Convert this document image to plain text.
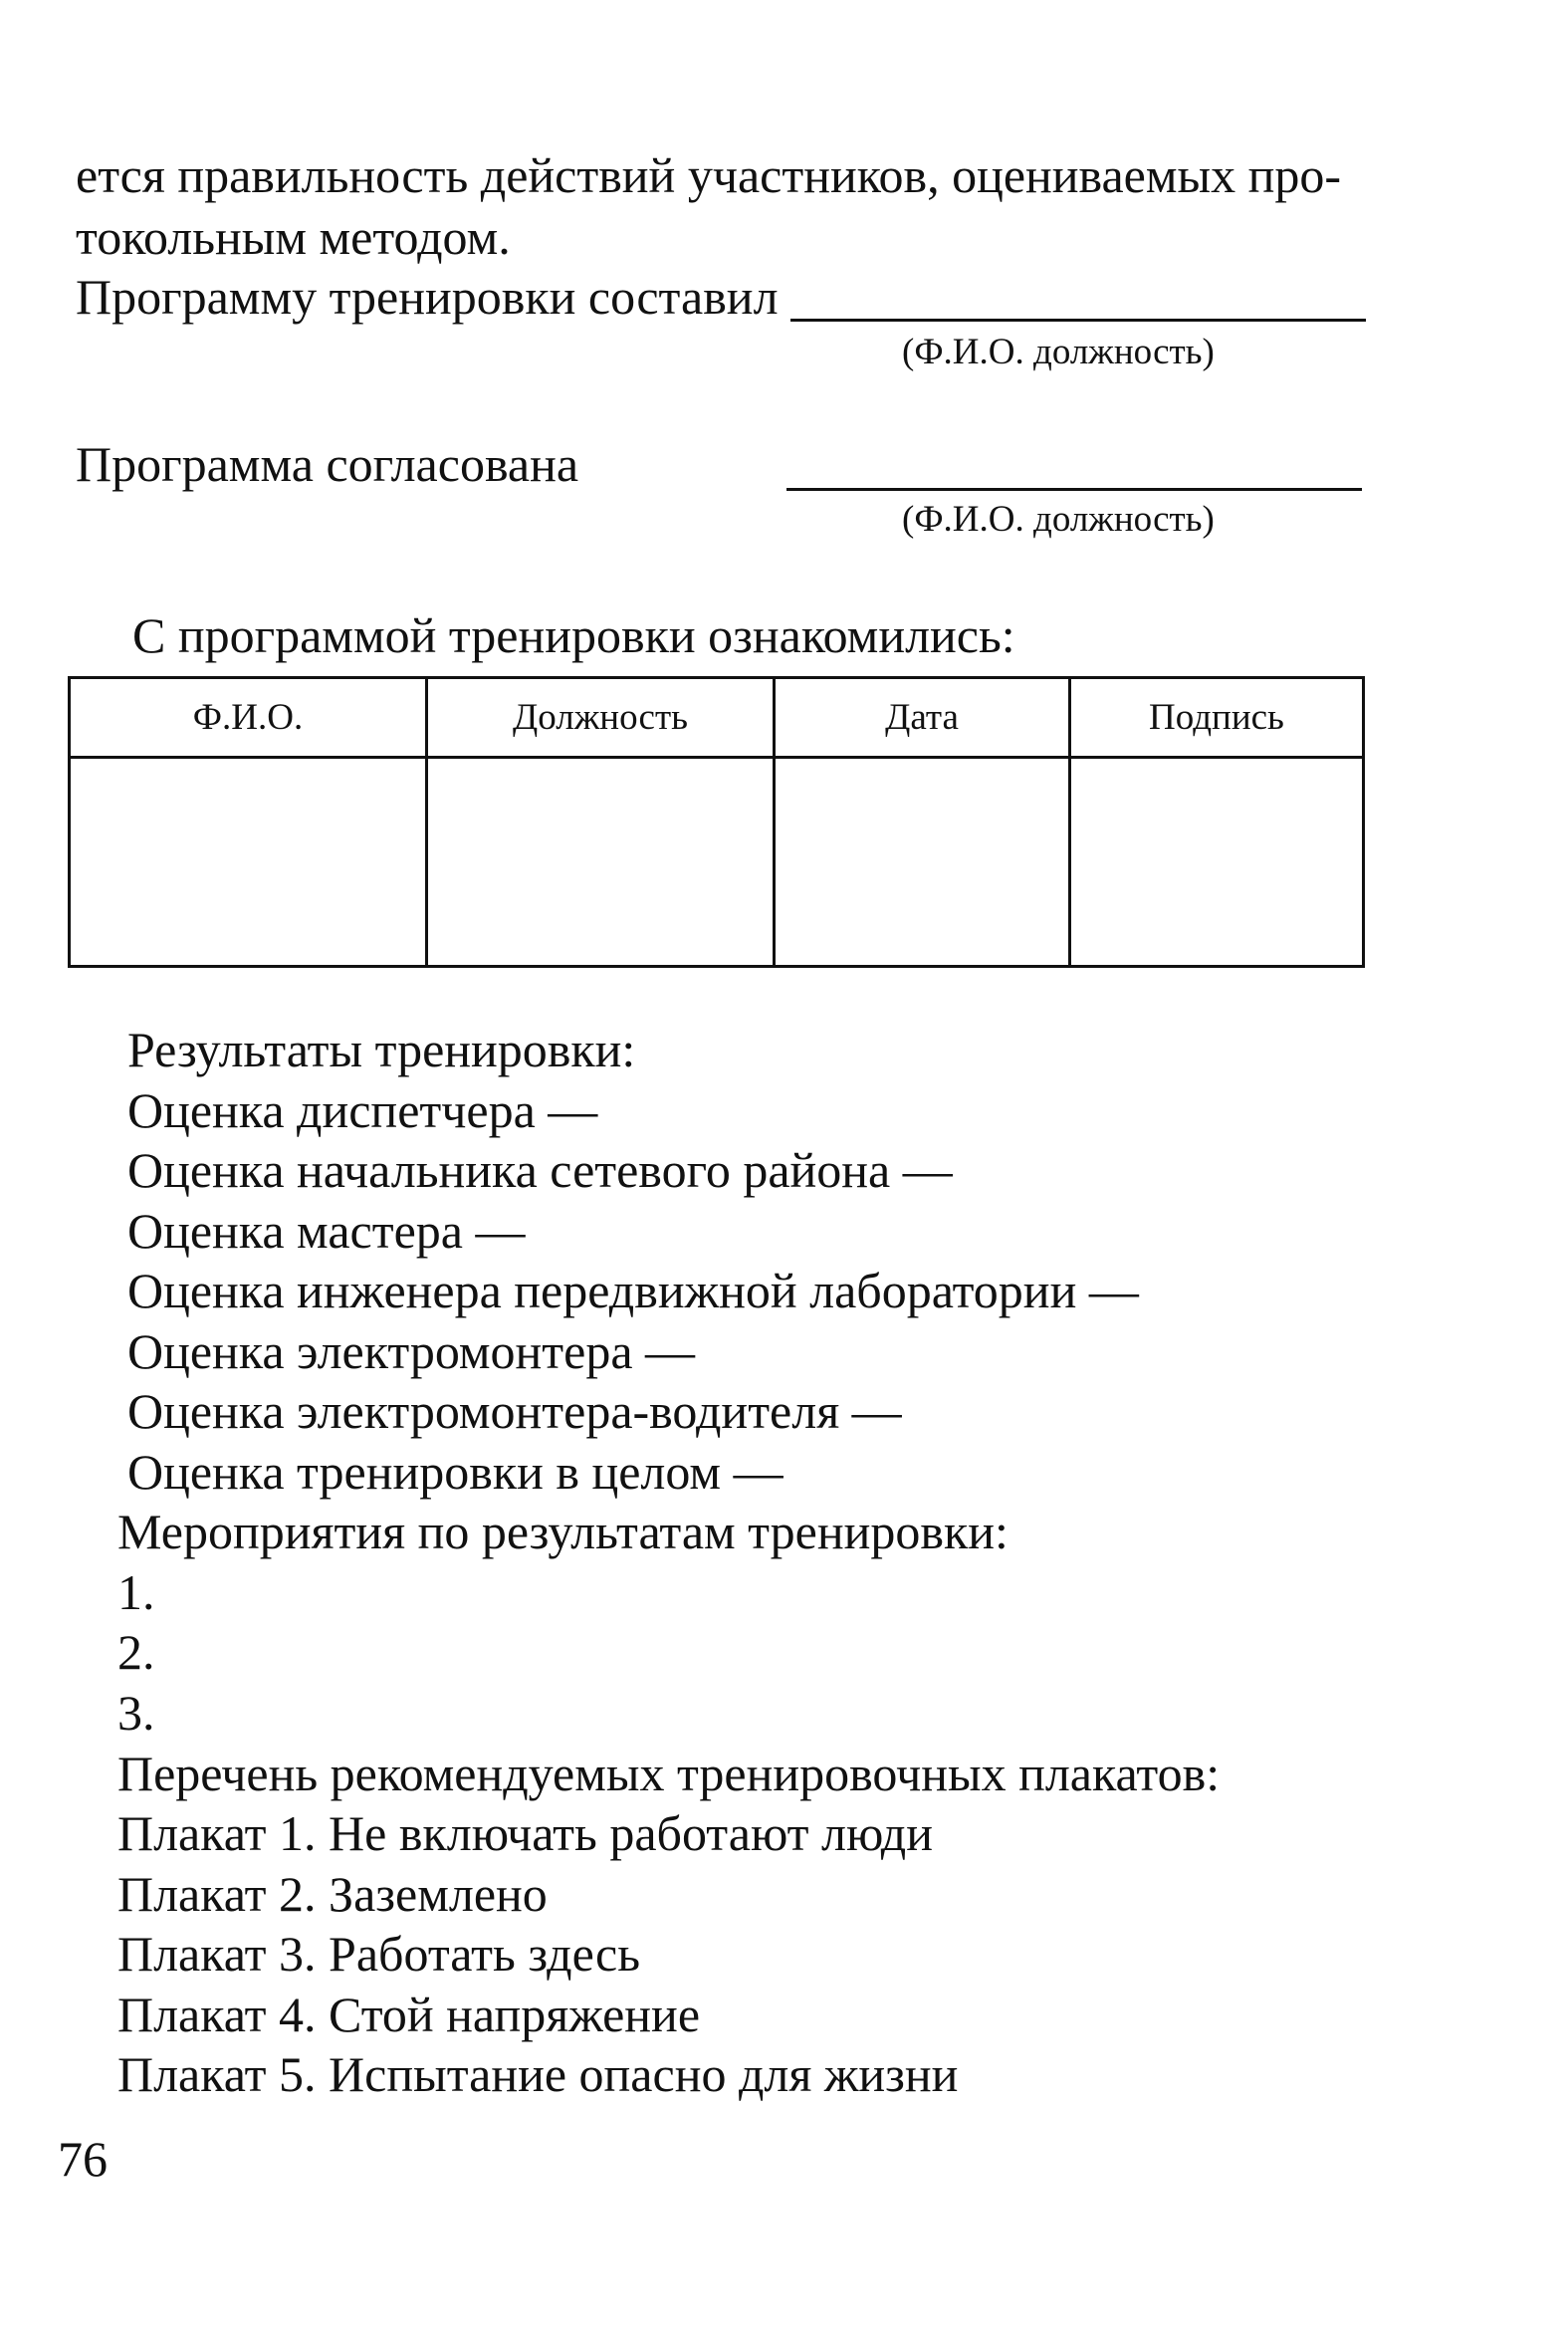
ется правильность действий участников, оцениваемых про-
токольным методом.
Программу тренировки составил
(Ф.И.О. должность)
Программа согласована
(Ф.И.О. должность)
С программой тренировки ознакомились:
Ф.И.О.	Должность	Дата	Подпись

Результаты тренировки:
Оценка диспетчера —
Оценка начальника сетевого района —
Оценка мастера —
Оценка инженера передвижной лаборатории —
Оценка электромонтера —
Оценка электромонтера-водителя —
Оценка тренировки в целом —
Мероприятия по результатам тренировки:
1.
2.
3.
Перечень рекомендуемых тренировочных плакатов:
Плакат 1. Не включать работают люди
Плакат 2. Заземлено
Плакат 3. Работать здесь
Плакат 4. Стой напряжение
Плакат 5. Испытание опасно для жизни
76
